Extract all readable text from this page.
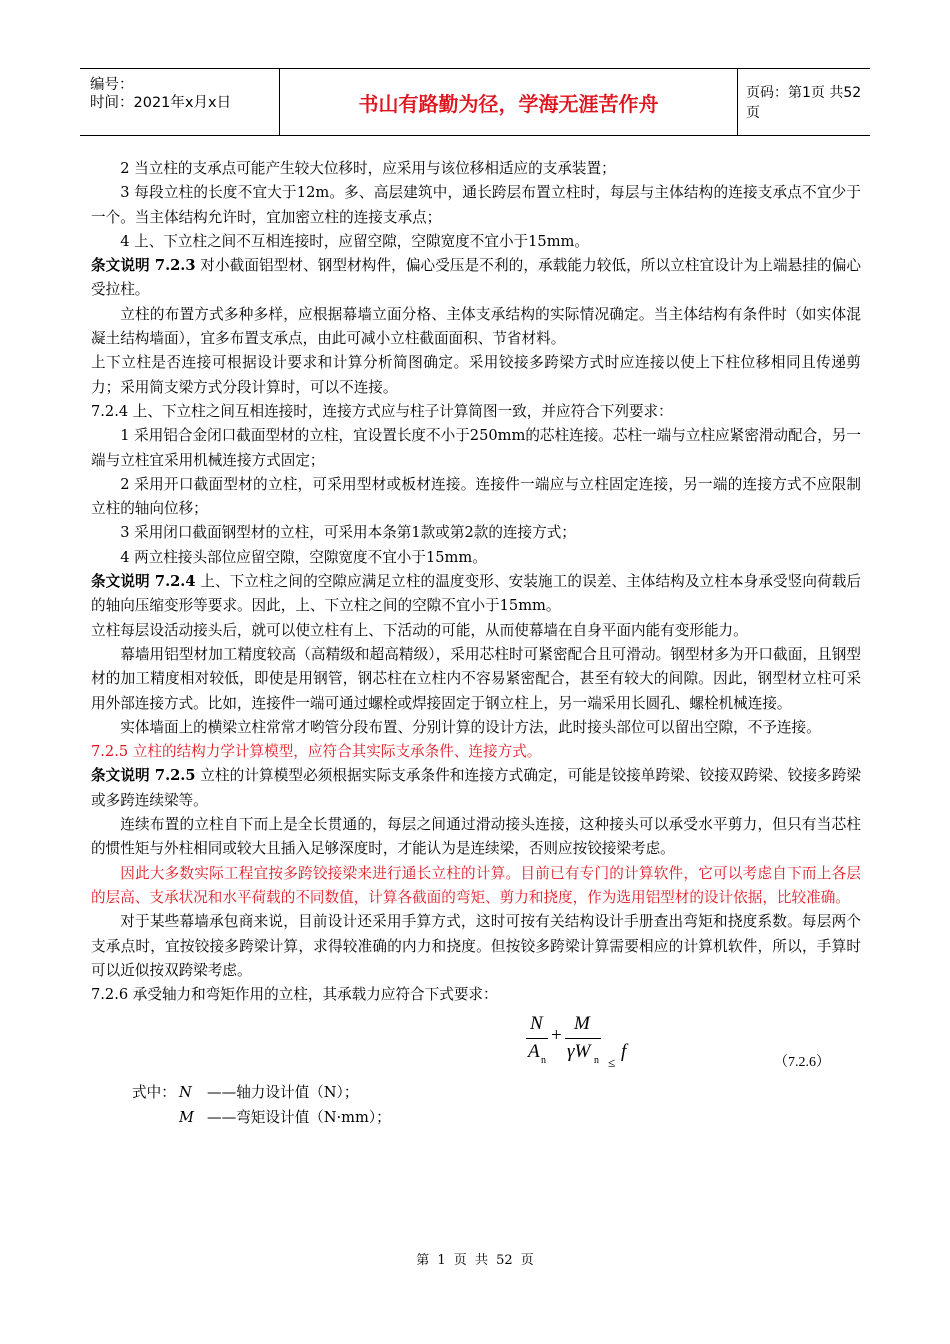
编号：
时间：2021年x月x日	书山有路勤为径，学海无涯苦作舟	页码：第1页 共52页

2 当立柱的支承点可能产生较大位移时，应采用与该位移相适应的支承装置；

3 每段立柱的长度不宜大于12m。多、高层建筑中，通长跨层布置立柱时，每层与主体结构的连接支承点不宜少于一个。当主体结构允许时，宜加密立柱的连接支承点；

4 上、下立柱之间不互相连接时，应留空隙，空隙宽度不宜小于15mm。

条文说明 7.2.3 对小截面铝型材、钢型材构件，偏心受压是不利的，承载能力较低，所以立柱宜设计为上端悬挂的偏心受拉柱。

立柱的布置方式多种多样，应根据幕墙立面分格、主体支承结构的实际情况确定。当主体结构有条件时（如实体混凝土结构墙面），宜多布置支承点，由此可减小立柱截面面积、节省材料。

上下立柱是否连接可根据设计要求和计算分析简图确定。采用铰接多跨梁方式时应连接以使上下柱位移相同且传递剪力；采用简支梁方式分段计算时，可以不连接。

7.2.4 上、下立柱之间互相连接时，连接方式应与柱子计算简图一致，并应符合下列要求：

1 采用铝合金闭口截面型材的立柱，宜设置长度不小于250mm的芯柱连接。芯柱一端与立柱应紧密滑动配合，另一端与立柱宜采用机械连接方式固定；

2 采用开口截面型材的立柱，可采用型材或板材连接。连接件一端应与立柱固定连接，另一端的连接方式不应限制立柱的轴向位移；

3 采用闭口截面钢型材的立柱，可采用本条第1款或第2款的连接方式；

4 两立柱接头部位应留空隙，空隙宽度不宜小于15mm。

条文说明 7.2.4 上、下立柱之间的空隙应满足立柱的温度变形、安装施工的误差、主体结构及立柱本身承受竖向荷载后的轴向压缩变形等要求。因此，上、下立柱之间的空隙不宜小于15mm。

立柱每层设活动接头后，就可以使立柱有上、下活动的可能，从而使幕墙在自身平面内能有变形能力。

幕墙用铝型材加工精度较高（高精级和超高精级），采用芯柱时可紧密配合且可滑动。钢型材多为开口截面，且钢型材的加工精度相对较低，即使是用钢管，钢芯柱在立柱内不容易紧密配合，甚至有较大的间隙。因此，钢型材立柱可采用外部连接方式。比如，连接件一端可通过螺栓或焊接固定于钢立柱上，另一端采用长圆孔、螺栓机械连接。

实体墙面上的横梁立柱常常才哟管分段布置、分别计算的设计方法，此时接头部位可以留出空隙，不予连接。

7.2.5 立柱的结构力学计算模型，应符合其实际支承条件、连接方式。

条文说明 7.2.5 立柱的计算模型必须根据实际支承条件和连接方式确定，可能是铰接单跨梁、铰接双跨梁、铰接多跨梁或多跨连续梁等。

连续布置的立柱自下而上是全长贯通的，每层之间通过滑动接头连接，这种接头可以承受水平剪力，但只有当芯柱的惯性矩与外柱相同或较大且插入足够深度时，才能认为是连续梁，否则应按铰接梁考虑。

因此大多数实际工程宜按多跨铰接梁来进行通长立柱的计算。目前已有专门的计算软件，它可以考虑自下而上各层的层高、支承状况和水平荷载的不同数值，计算各截面的弯矩、剪力和挠度，作为选用铝型材的设计依据，比较准确。

对于某些幕墙承包商来说，目前设计还采用手算方式，这时可按有关结构设计手册查出弯矩和挠度系数。每层两个支承点时，宜按铰接多跨梁计算，求得较准确的内力和挠度。但按铰多跨梁计算需要相应的计算机软件，所以，手算时可以近似按双跨梁考虑。

7.2.6 承受轴力和弯矩作用的立柱，其承载力应符合下式要求：

N
A n
+
M
γW n ≤
f
（7.2.6）
式中： N ——轴力设计值（N）；
M ——弯矩设计值（N·mm）；
第 1 页 共 52 页
